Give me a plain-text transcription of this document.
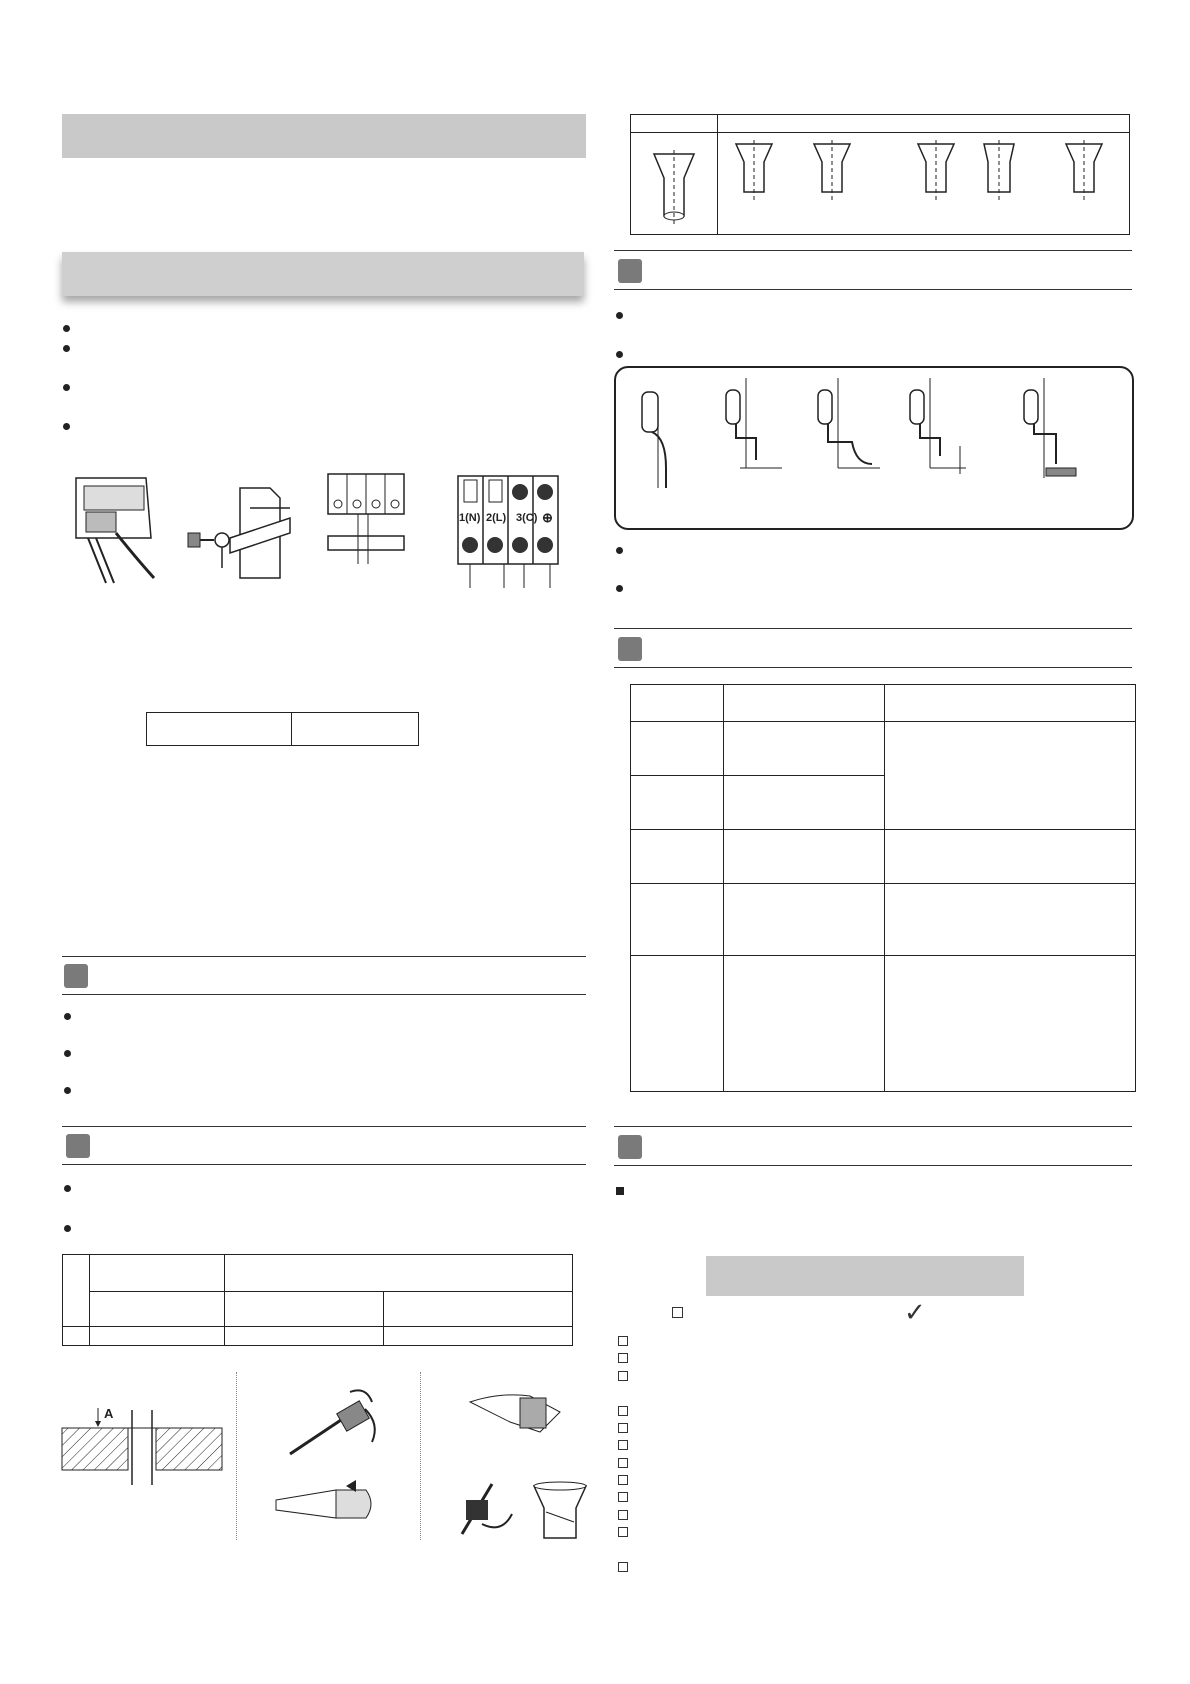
1(N) 2(L) 3(C) ⊕

A

✓
